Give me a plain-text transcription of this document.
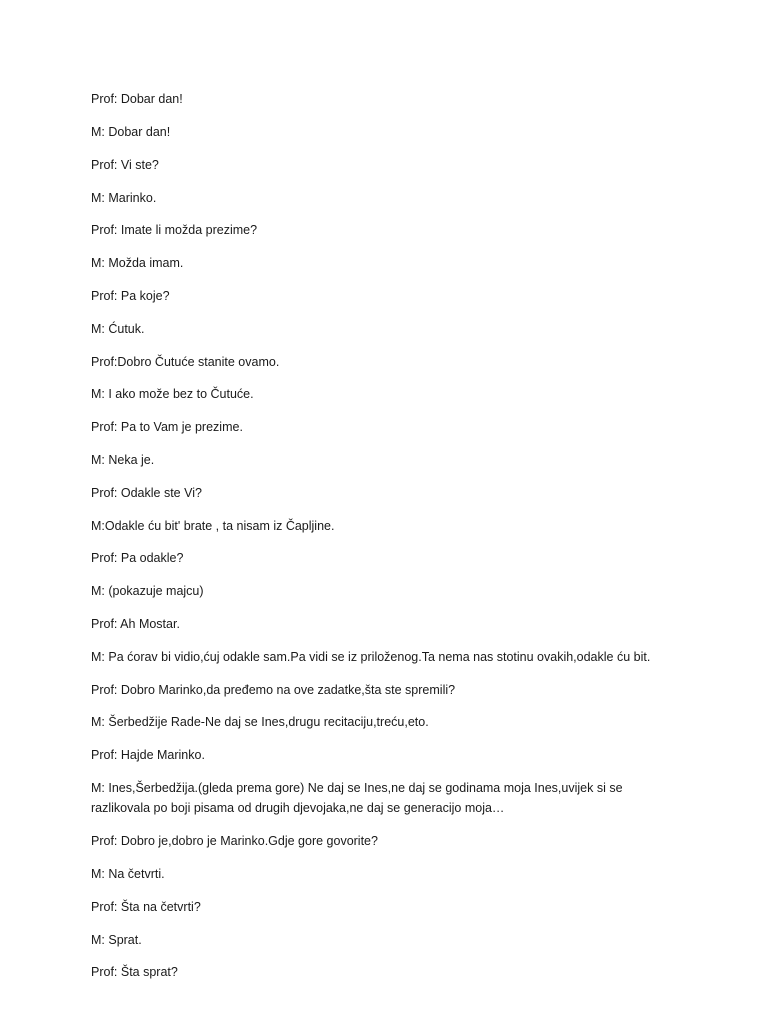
Prof: Dobar dan!
M: Dobar dan!
Prof: Vi ste?
M: Marinko.
Prof: Imate li možda prezime?
M: Možda imam.
Prof: Pa koje?
M: Ćutuk.
Prof:Dobro Čutuće stanite ovamo.
M: I ako može bez to Čutuće.
Prof: Pa to Vam je prezime.
M: Neka je.
Prof: Odakle ste Vi?
M:Odakle ću bit' brate , ta nisam iz Čapljine.
Prof: Pa odakle?
M: (pokazuje majcu)
Prof: Ah Mostar.
M: Pa ćorav bi vidio,ćuj odakle sam.Pa vidi se iz priloženog.Ta nema nas stotinu ovakih,odakle ću bit.
Prof: Dobro Marinko,da pređemo na ove zadatke,šta ste spremili?
M: Šerbedžije Rade-Ne daj se Ines,drugu recitaciju,treću,eto.
Prof: Hajde Marinko.
M: Ines,Šerbedžija.(gleda prema gore) Ne daj se Ines,ne daj se godinama moja Ines,uvijek si se razlikovala po boji pisama od drugih djevojaka,ne daj se generacijo moja…
Prof: Dobro je,dobro je Marinko.Gdje gore govorite?
M: Na četvrti.
Prof: Šta na četvrti?
M: Sprat.
Prof: Šta sprat?
